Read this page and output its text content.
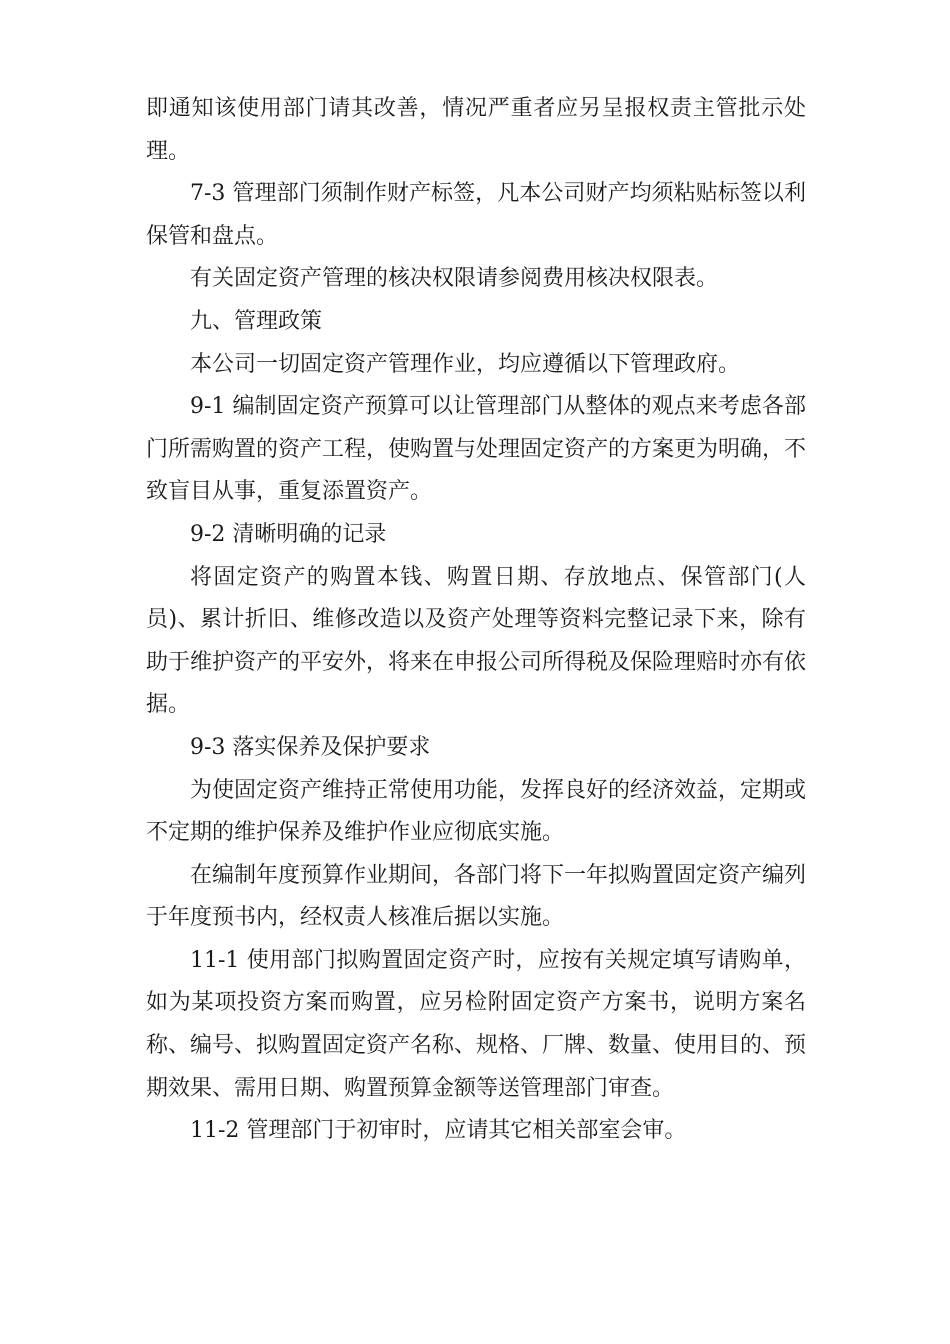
即通知该使用部门请其改善，情况严重者应另呈报权责主管批示处理。

7-3 管理部门须制作财产标签，凡本公司财产均须粘贴标签以利保管和盘点。

有关固定资产管理的核决权限请参阅费用核决权限表。

九、管理政策

本公司一切固定资产管理作业，均应遵循以下管理政府。

9-1 编制固定资产预算可以让管理部门从整体的观点来考虑各部门所需购置的资产工程，使购置与处理固定资产的方案更为明确，不致盲目从事，重复添置资产。

9-2 清晰明确的记录

将固定资产的购置本钱、购置日期、存放地点、保管部门(人员)、累计折旧、维修改造以及资产处理等资料完整记录下来，除有助于维护资产的平安外，将来在申报公司所得税及保险理赔时亦有依据。

9-3 落实保养及保护要求

为使固定资产维持正常使用功能，发挥良好的经济效益，定期或不定期的维护保养及维护作业应彻底实施。

在编制年度预算作业期间，各部门将下一年拟购置固定资产编列于年度预书内，经权责人核准后据以实施。

11-1 使用部门拟购置固定资产时，应按有关规定填写请购单，如为某项投资方案而购置，应另检附固定资产方案书，说明方案名称、编号、拟购置固定资产名称、规格、厂牌、数量、使用目的、预期效果、需用日期、购置预算金额等送管理部门审查。

11-2 管理部门于初审时，应请其它相关部室会审。
